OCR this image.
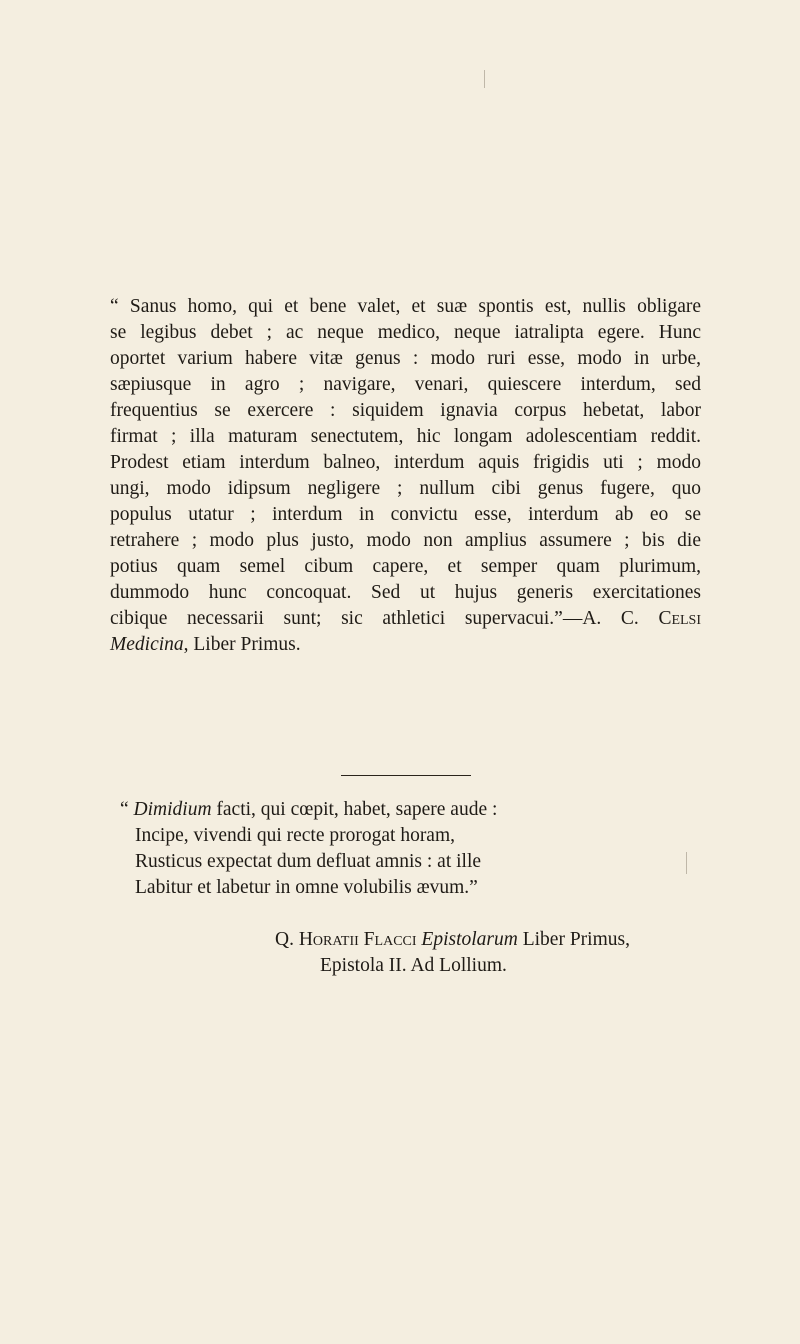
“ Sanus homo, qui et bene valet, et suæ spontis est, nullis obligare
se legibus debet ; ac neque medico, neque iatralipta egere. Hunc
oportet varium habere vitæ genus : modo ruri esse, modo in urbe,
sæpiusque in agro ; navigare, venari, quiescere interdum, sed
frequentius se exercere : siquidem ignavia corpus hebetat, labor
firmat ; illa maturam senectutem, hic longam adolescentiam reddit.
Prodest etiam interdum balneo, interdum aquis frigidis uti ; modo
ungi, modo idipsum negligere ; nullum cibi genus fugere, quo
populus utatur ; interdum in convictu esse, interdum ab eo se
retrahere ; modo plus justo, modo non amplius assumere ; bis die
potius quam semel cibum capere, et semper quam plurimum,
dummodo hunc concoquat. Sed ut hujus generis exercitationes
cibique necessarii sunt; sic athletici supervacui.”—A. C. Celsi
Medicina, Liber Primus.
“ Dimidium facti, qui cœpit, habet, sapere aude :
Incipe, vivendi qui recte prorogat horam,
Rusticus expectat dum defluat amnis : at ille
Labitur et labetur in omne volubilis ævum.”
Q. Horatii Flacci Epistolarum Liber Primus,
Epistola II. Ad Lollium.
